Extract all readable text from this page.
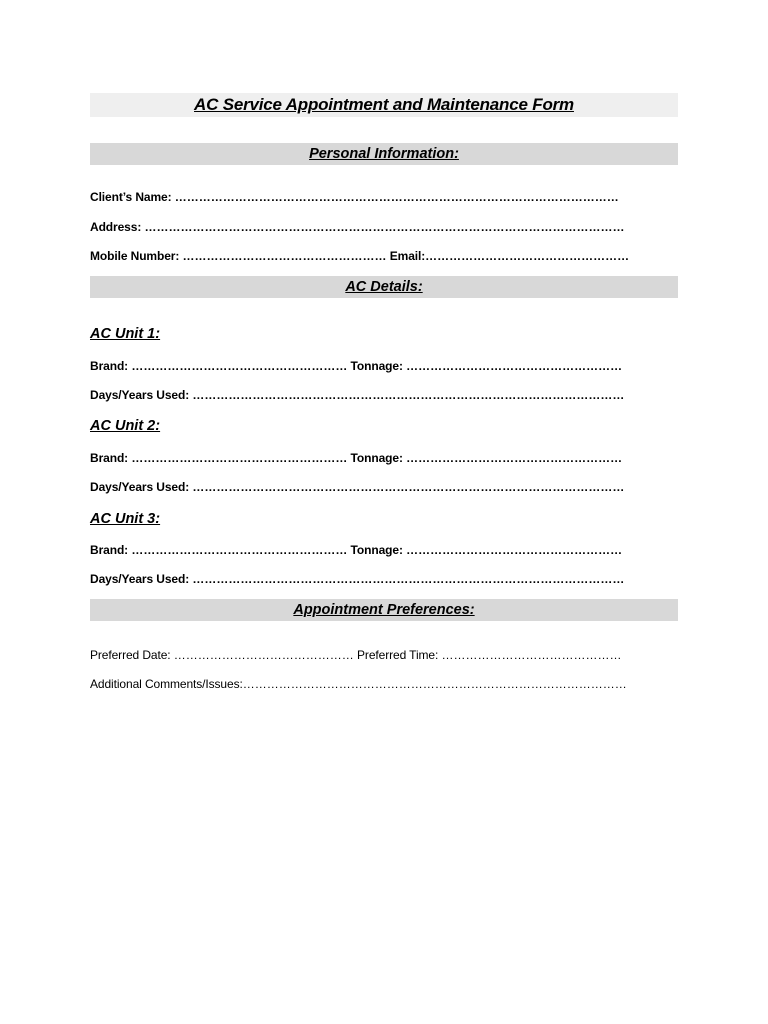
AC Service Appointment and Maintenance Form
Personal Information:
Client’s Name: …………………………………………………………………………………………………
Address: …………………………………………………………………………………………………………
Mobile Number: …………………………………………… Email:……………………………………………
AC Details:
AC Unit 1:
Brand: ……………………………………………… Tonnage: ………………………………………………
Days/Years Used: ………………………………………………………………………………………………
AC Unit 2:
Brand: ……………………………………………… Tonnage: ………………………………………………
Days/Years Used: ………………………………………………………………………………………………
AC Unit 3:
Brand: ……………………………………………… Tonnage: ………………………………………………
Days/Years Used: ………………………………………………………………………………………………
Appointment Preferences:
Preferred Date: ……………………………………… Preferred Time: ………………………………………
Additional Comments/Issues:……………………………………………………………………………………
